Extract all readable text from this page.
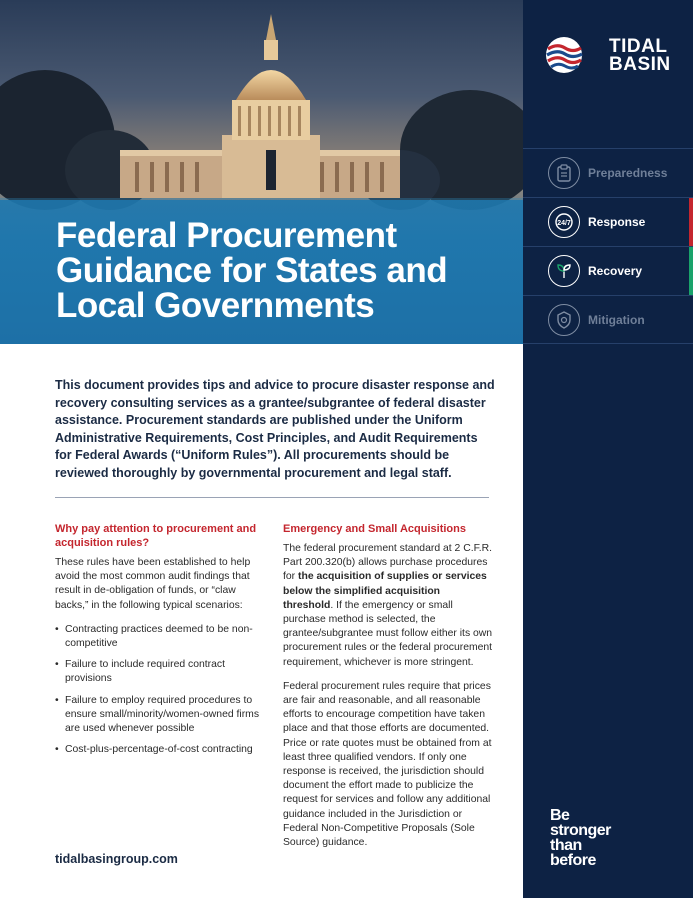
Federal Procurement
Guidance for States and
Local Governments
TIDAL
BASIN
Preparedness
24/7 Response
Recovery
Mitigation
Be
stronger
than
before

This document provides tips and advice to procure disaster response and recovery consulting services as a grantee/subgrantee of federal disaster assistance. Procurement standards are published under the Uniform Administrative Requirements, Cost Principles, and Audit Requirements for Federal Awards (“Uniform Rules”). All procurements should be reviewed thoroughly by governmental procurement and legal staff.

Why pay attention to procurement and acquisition rules?

These rules have been established to help avoid the most common audit findings that result in de-obligation of funds, or “claw backs,” in the following typical scenarios:

• Contracting practices deemed to be non-competitive
• Failure to include required contract provisions
• Failure to employ required procedures to ensure small/minority/women-owned firms are used whenever possible
• Cost-plus-percentage-of-cost contracting
Emergency and Small Acquisitions

The federal procurement standard at 2 C.F.R. Part 200.320(b) allows purchase procedures for the acquisition of supplies or services below the simplified acquisition threshold. If the emergency or small purchase method is selected, the grantee/subgrantee must follow either its own procurement rules or the federal procurement requirement, whichever is more stringent.

Federal procurement rules require that prices are fair and reasonable, and all reasonable efforts to encourage competition have taken place and that those efforts are documented. Price or rate quotes must be obtained from at least three qualified vendors. If only one response is received, the jurisdiction should document the effort made to publicize the request for services and follow any additional guidance included in the Jurisdiction or Federal Non-Competitive Proposals (Sole Source) guidance.

tidalbasingroup.com
